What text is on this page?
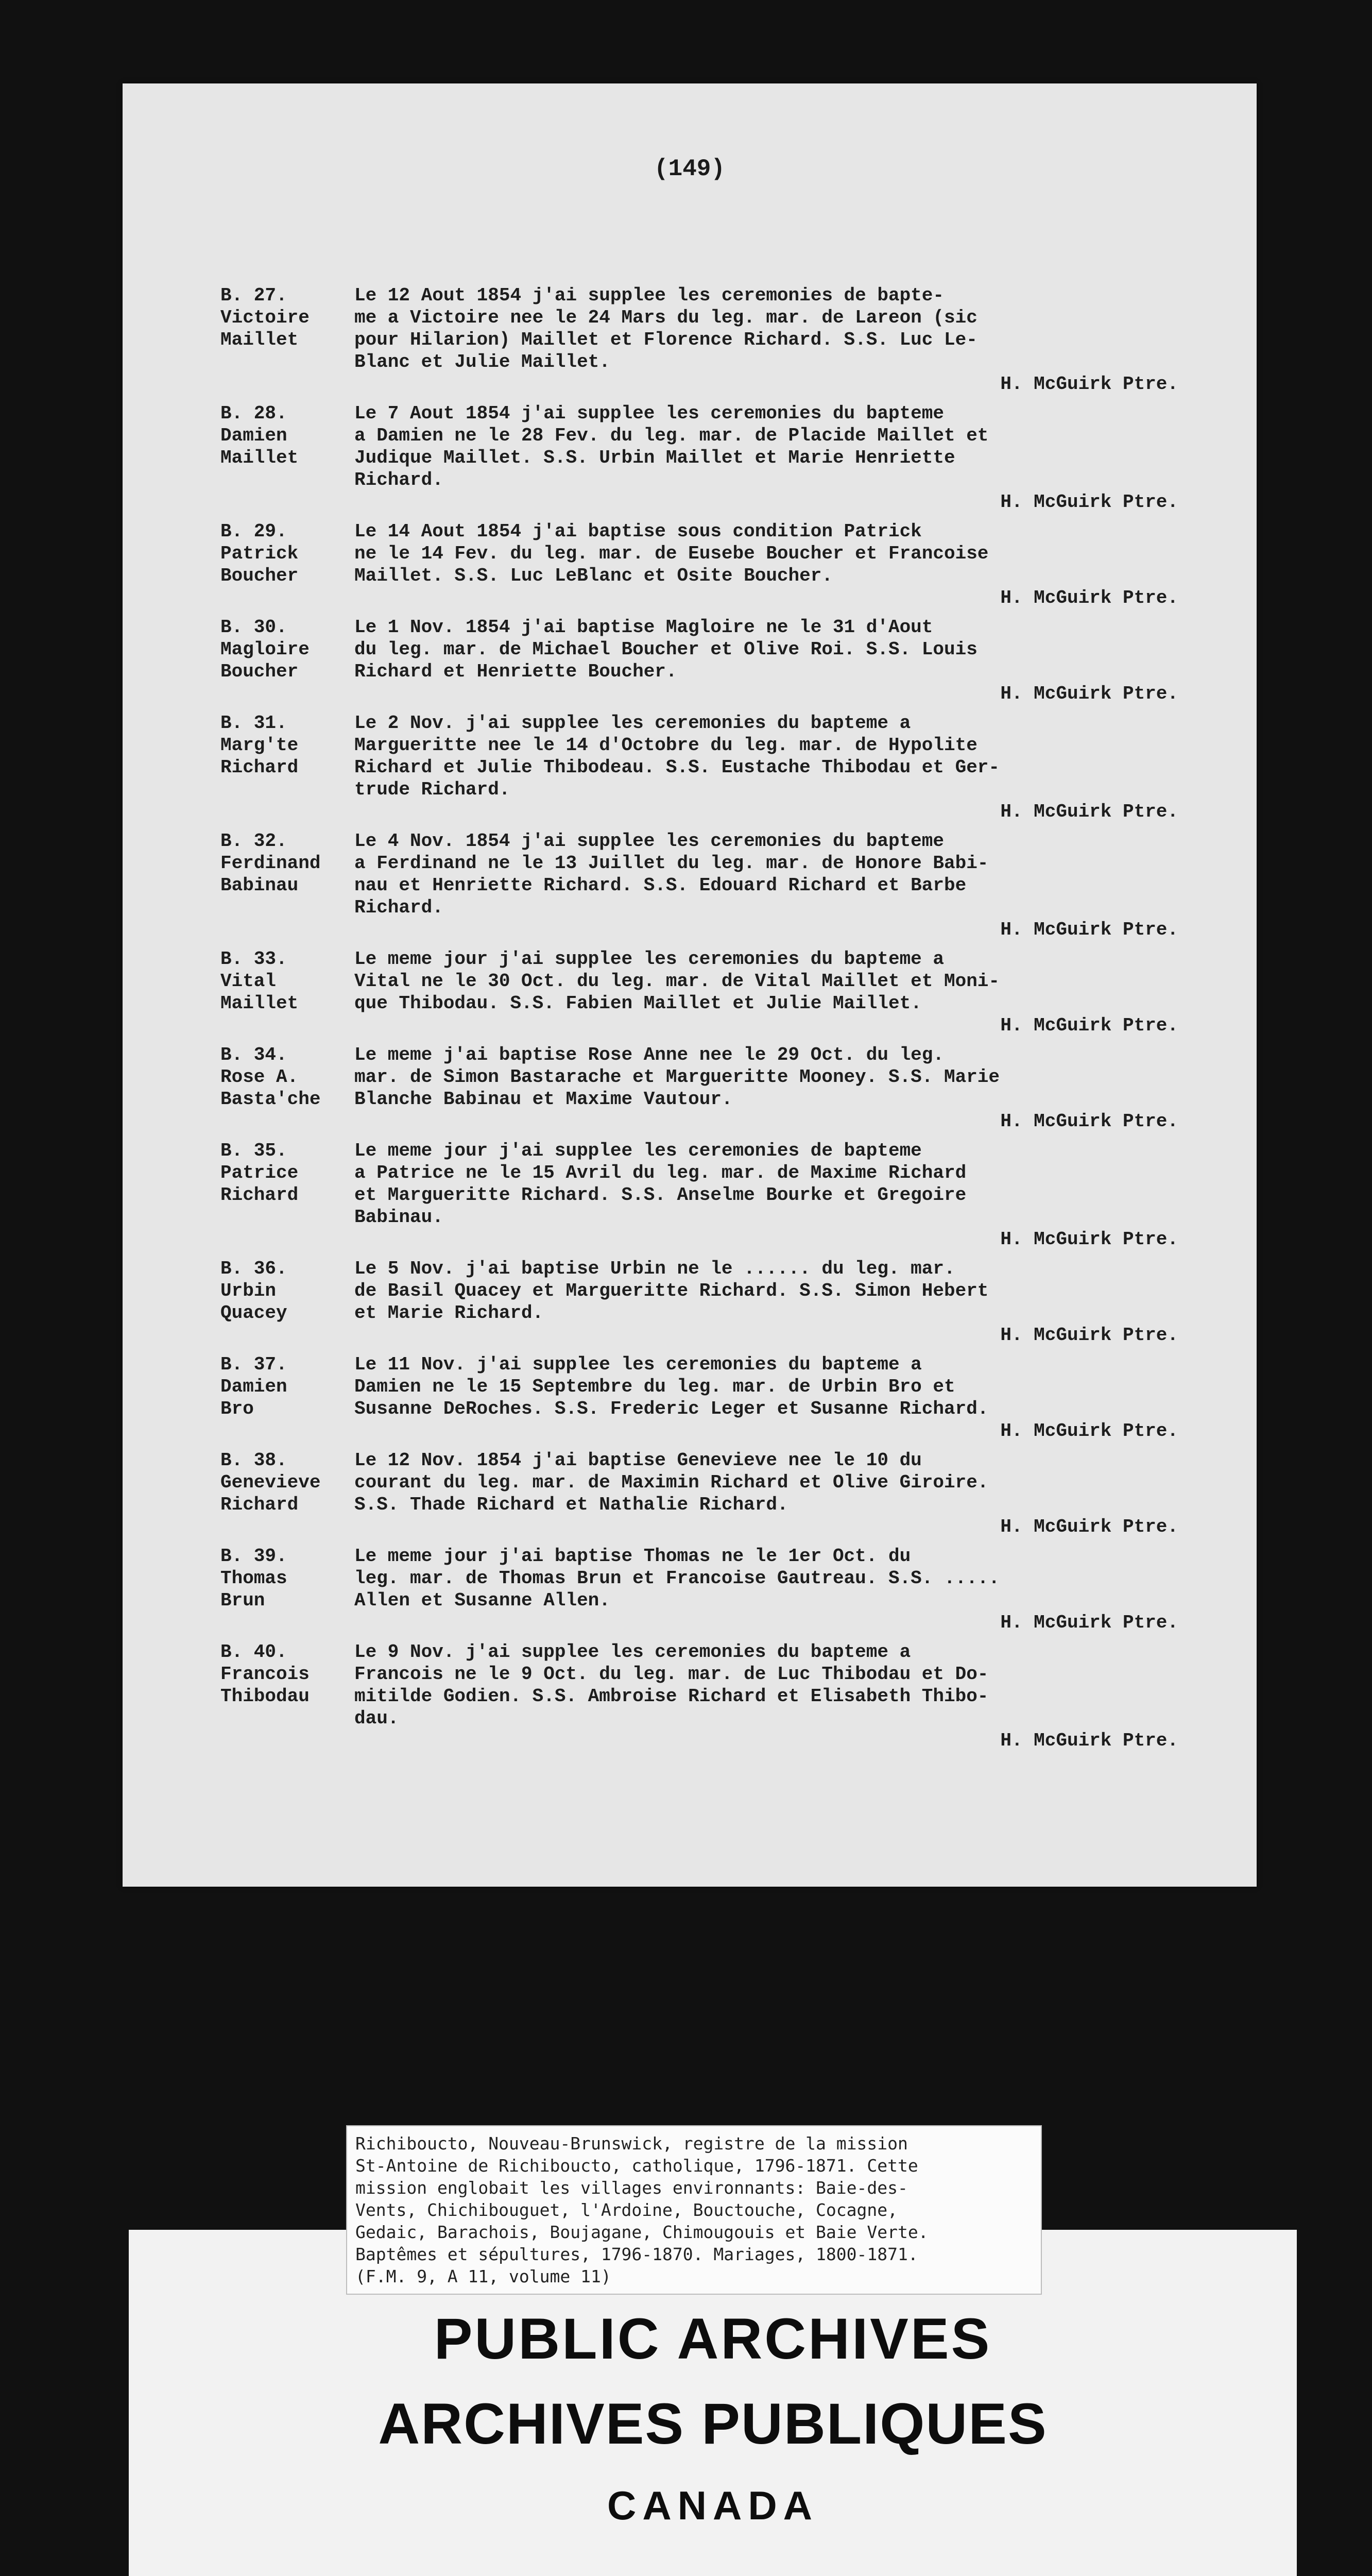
(149)
B. 27.
Victoire
Maillet

Le 12 Aout 1854 j'ai supplee les ceremonies de bapte-
me a Victoire nee le 24 Mars du leg. mar. de Lareon (sic
pour Hilarion) Maillet et Florence Richard. S.S. Luc Le-
Blanc et Julie Maillet.

H. McGuirk Ptre.
B. 28.
Damien
Maillet

Le 7 Aout 1854 j'ai supplee les ceremonies du bapteme
a Damien ne le 28 Fev. du leg. mar. de Placide Maillet et
Judique Maillet. S.S. Urbin Maillet et Marie Henriette
Richard.

H. McGuirk Ptre.
B. 29.
Patrick
Boucher

Le 14 Aout 1854 j'ai baptise sous condition Patrick
ne le 14 Fev. du leg. mar. de Eusebe Boucher et Francoise
Maillet. S.S. Luc LeBlanc et Osite Boucher.

H. McGuirk Ptre.
B. 30.
Magloire
Boucher

Le 1 Nov. 1854 j'ai baptise Magloire ne le 31 d'Aout
du leg. mar. de Michael Boucher et Olive Roi. S.S. Louis
Richard et Henriette Boucher.

H. McGuirk Ptre.
B. 31.
Marg'te
Richard

Le 2 Nov. j'ai supplee les ceremonies du bapteme a
Margueritte nee le 14 d'Octobre du leg. mar. de Hypolite
Richard et Julie Thibodeau. S.S. Eustache Thibodau et Ger-
trude Richard.

H. McGuirk Ptre.
B. 32.
Ferdinand
Babinau

Le 4 Nov. 1854 j'ai supplee les ceremonies du bapteme
a Ferdinand ne le 13 Juillet du leg. mar. de Honore Babi-
nau et Henriette Richard. S.S. Edouard Richard et Barbe
Richard.

H. McGuirk Ptre.
B. 33.
Vital
Maillet

Le meme jour j'ai supplee les ceremonies du bapteme a
Vital ne le 30 Oct. du leg. mar. de Vital Maillet et Moni-
que Thibodau. S.S. Fabien Maillet et Julie Maillet.

H. McGuirk Ptre.
B. 34.
Rose A.
Basta'che

Le meme j'ai baptise Rose Anne nee le 29 Oct. du leg.
mar. de Simon Bastarache et Margueritte Mooney. S.S. Marie
Blanche Babinau et Maxime Vautour.

H. McGuirk Ptre.
B. 35.
Patrice
Richard

Le meme jour j'ai supplee les ceremonies de bapteme
a Patrice ne le 15 Avril du leg. mar. de Maxime Richard
et Margueritte Richard. S.S. Anselme Bourke et Gregoire
Babinau.

H. McGuirk Ptre.
B. 36.
Urbin
Quacey

Le 5 Nov. j'ai baptise Urbin ne le ...... du leg. mar.
de Basil Quacey et Margueritte Richard. S.S. Simon Hebert
et Marie Richard.

H. McGuirk Ptre.
B. 37.
Damien
Bro

Le 11 Nov. j'ai supplee les ceremonies du bapteme a
Damien ne le 15 Septembre du leg. mar. de Urbin Bro et
Susanne DeRoches. S.S. Frederic Leger et Susanne Richard.

H. McGuirk Ptre.
B. 38.
Genevieve
Richard

Le 12 Nov. 1854 j'ai baptise Genevieve nee le 10 du
courant du leg. mar. de Maximin Richard et Olive Giroire.
S.S. Thade Richard et Nathalie Richard.

H. McGuirk Ptre.
B. 39.
Thomas
Brun

Le meme jour j'ai baptise Thomas ne le 1er Oct. du
leg. mar. de Thomas Brun et Francoise Gautreau. S.S. .....
Allen et Susanne Allen.

H. McGuirk Ptre.
B. 40.
Francois
Thibodau

Le 9 Nov. j'ai supplee les ceremonies du bapteme a
Francois ne le 9 Oct. du leg. mar. de Luc Thibodau et Do-
mitilde Godien. S.S. Ambroise Richard et Elisabeth Thibo-
dau.

H. McGuirk Ptre.
Richiboucto, Nouveau-Brunswick, registre de la mission
St-Antoine de Richiboucto, catholique, 1796-1871. Cette
mission englobait les villages environnants: Baie-des-
Vents, Chichibouguet, l'Ardoine, Bouctouche, Cocagne,
Gedaic, Barachois, Boujagane, Chimougouis et Baie Verte.
Baptêmes et sépultures, 1796-1870. Mariages, 1800-1871.
(F.M. 9, A 11, volume 11)
PUBLIC ARCHIVES
ARCHIVES PUBLIQUES
CANADA
